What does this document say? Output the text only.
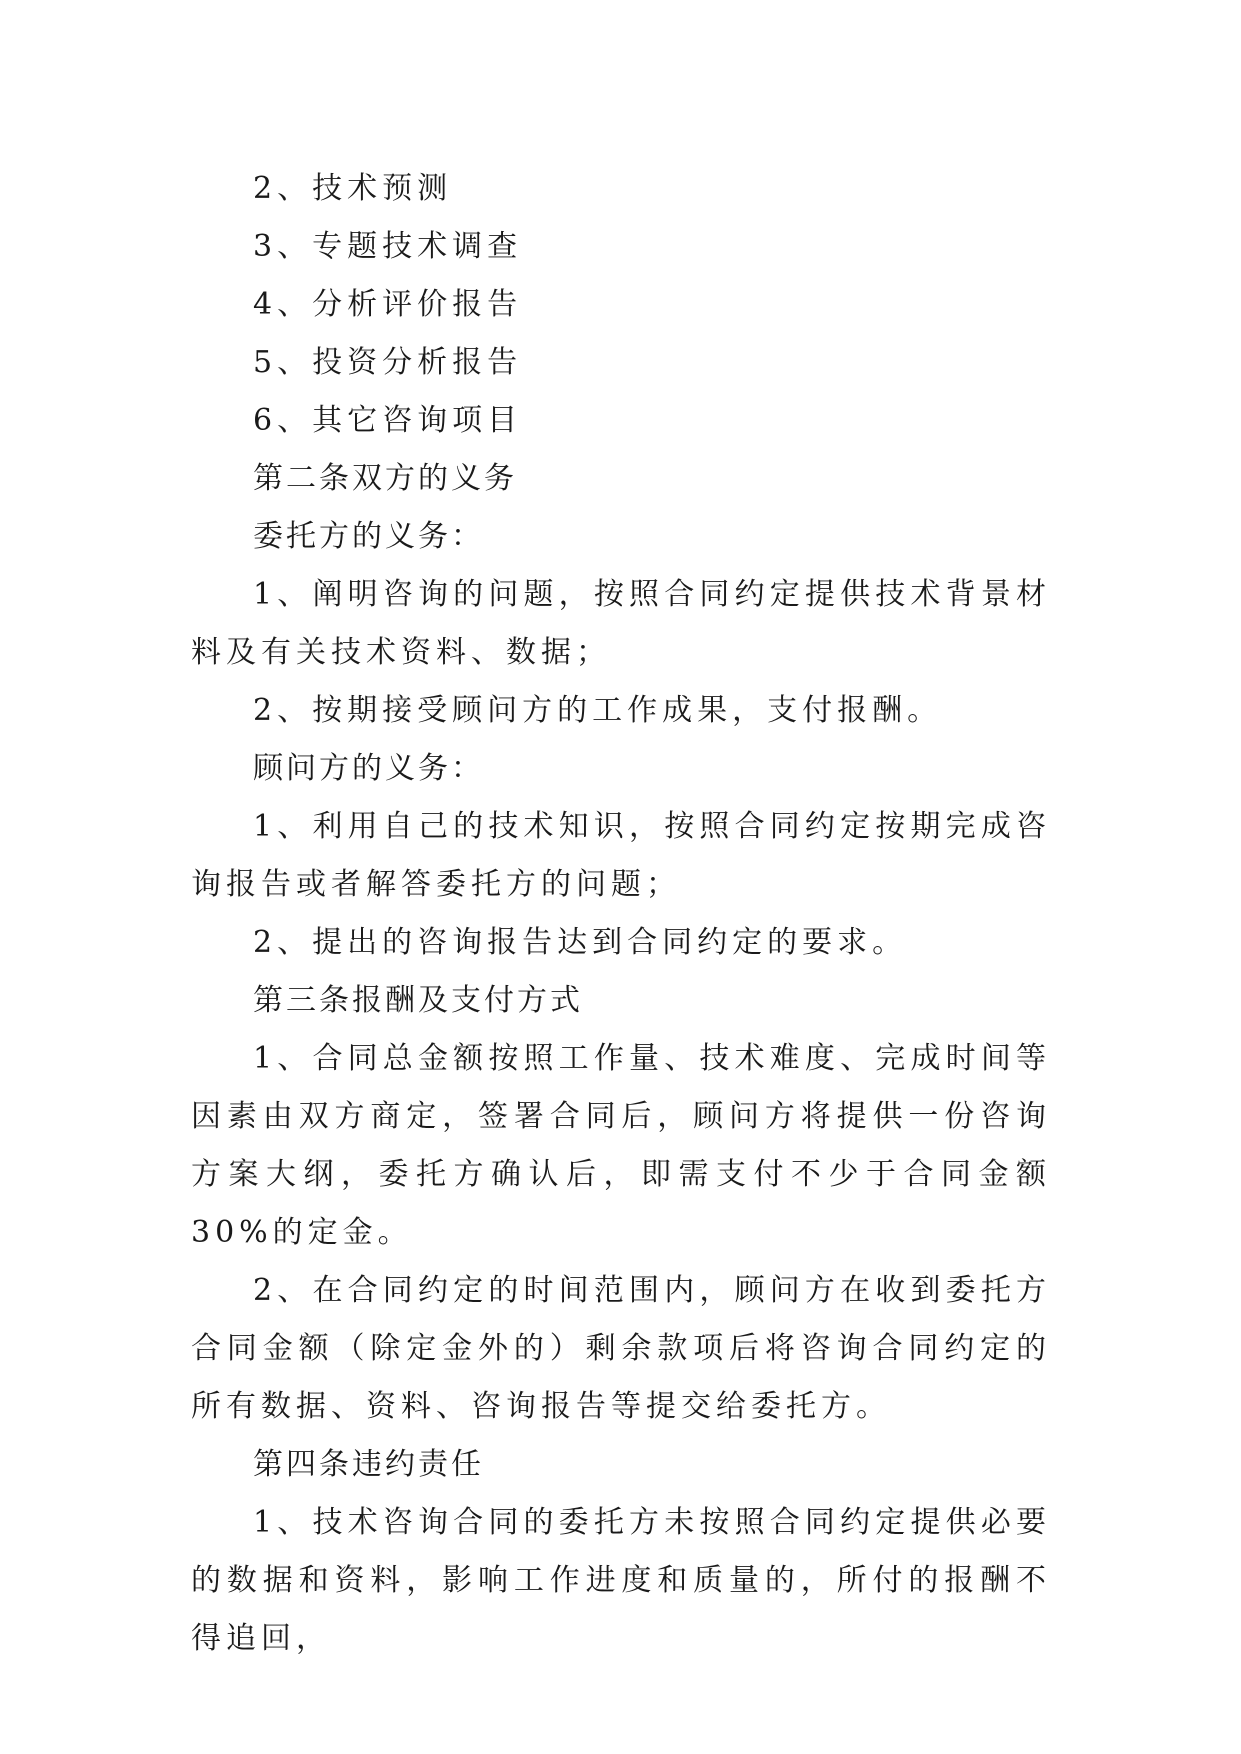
2、技术预测

3、专题技术调查

4、分析评价报告

5、投资分析报告

6、其它咨询项目

第二条双方的义务

委托方的义务：

1、阐明咨询的问题，按照合同约定提供技术背景材料及有关技术资料、数据；

2、按期接受顾问方的工作成果，支付报酬。

顾问方的义务：

1、利用自己的技术知识，按照合同约定按期完成咨询报告或者解答委托方的问题；

2、提出的咨询报告达到合同约定的要求。

第三条报酬及支付方式

1、合同总金额按照工作量、技术难度、完成时间等因素由双方商定，签署合同后，顾问方将提供一份咨询方案大纲，委托方确认后，即需支付不少于合同金额30%的定金。

2、在合同约定的时间范围内，顾问方在收到委托方合同金额（除定金外的）剩余款项后将咨询合同约定的所有数据、资料、咨询报告等提交给委托方。

第四条违约责任

1、技术咨询合同的委托方未按照合同约定提供必要的数据和资料，影响工作进度和质量的，所付的报酬不得追回，
